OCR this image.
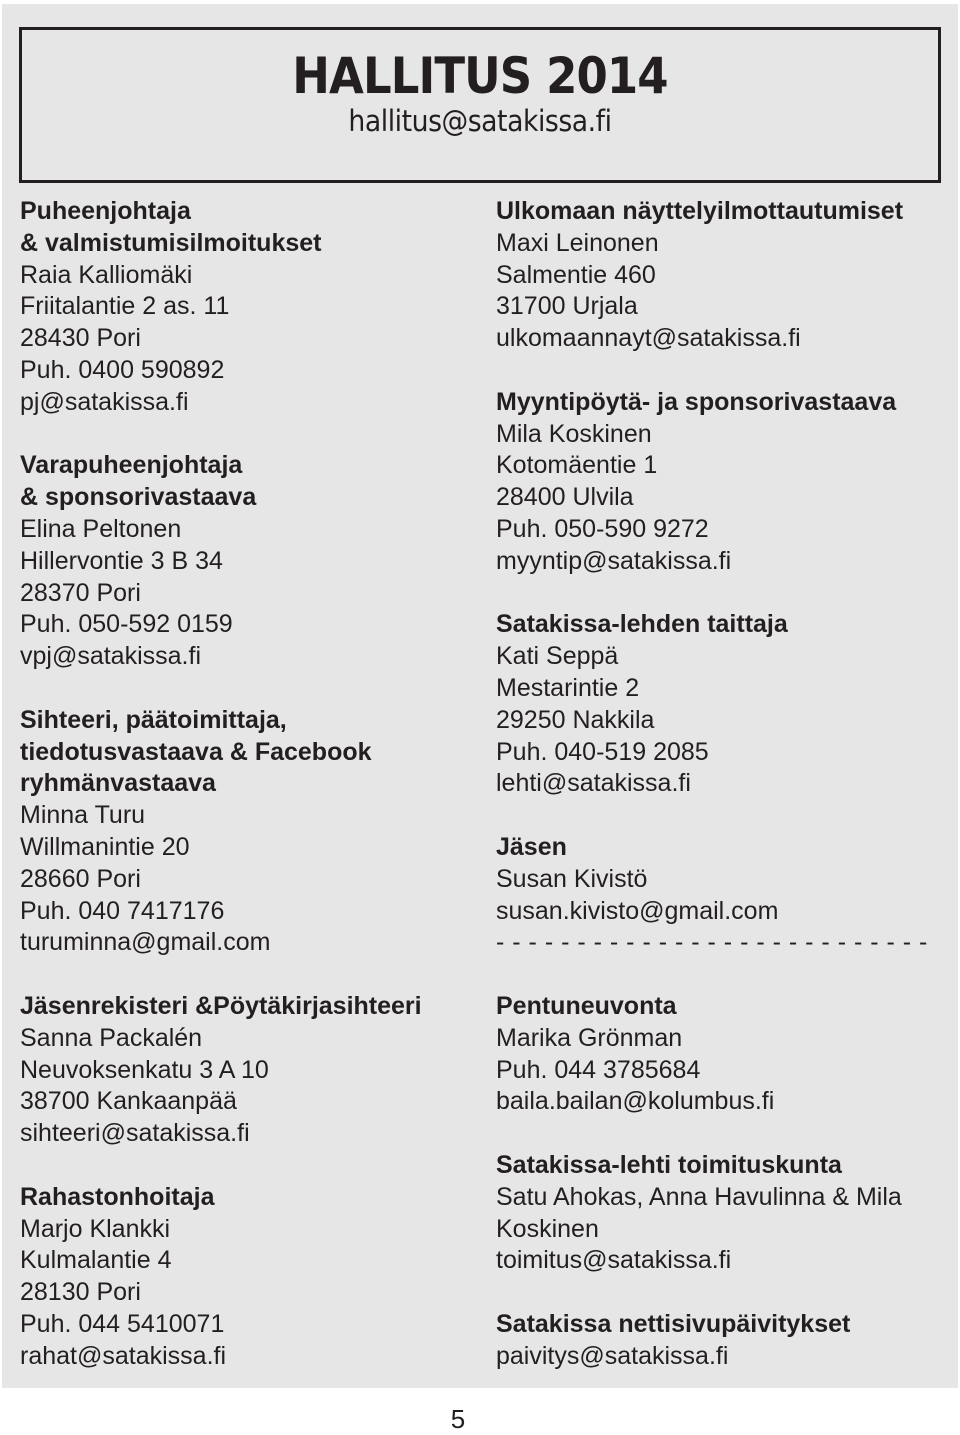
HALLITUS 2014
hallitus@satakissa.fi
Puheenjohtaja
& valmistumisilmoitukset
Raia Kalliomäki
Friitalantie 2 as. 11
28430 Pori
Puh. 0400 590892
pj@satakissa.fi
Varapuheenjohtaja
& sponsorivastaava
Elina Peltonen
Hillervontie 3 B 34
28370 Pori
Puh. 050-592 0159
vpj@satakissa.fi
Sihteeri, päätoimittaja,
tiedotusvastaava & Facebook
ryhmänvastaava
Minna Turu
Willmanintie 20
28660 Pori
Puh. 040 7417176
turuminna@gmail.com
Jäsenrekisteri &Pöytäkirjasihteeri
Sanna Packalén
Neuvoksenkatu 3 A 10
38700 Kankaanpää
sihteeri@satakissa.fi
Rahastonhoitaja
Marjo Klankki
Kulmalantie 4
28130 Pori
Puh. 044 5410071
rahat@satakissa.fi
Ulkomaan näyttelyilmottautumiset
Maxi Leinonen
Salmentie 460
31700 Urjala
ulkomaannayt@satakissa.fi
Myyntipöytä- ja sponsorivastaava
Mila Koskinen
Kotomäentie 1
28400 Ulvila
Puh. 050-590 9272
myyntip@satakissa.fi
Satakissa-lehden taittaja
Kati Seppä
Mestarintie 2
29250 Nakkila
Puh. 040-519 2085
lehti@satakissa.fi
Jäsen
Susan Kivistö
susan.kivisto@gmail.com
- - - - - - - - - - - - - - - - - - - - - - - - - - -
Pentuneuvonta
Marika Grönman
Puh. 044 3785684
baila.bailan@kolumbus.fi
Satakissa-lehti toimituskunta
Satu Ahokas, Anna Havulinna & Mila
Koskinen
toimitus@satakissa.fi
Satakissa nettisivupäivitykset
paivitys@satakissa.fi
5
